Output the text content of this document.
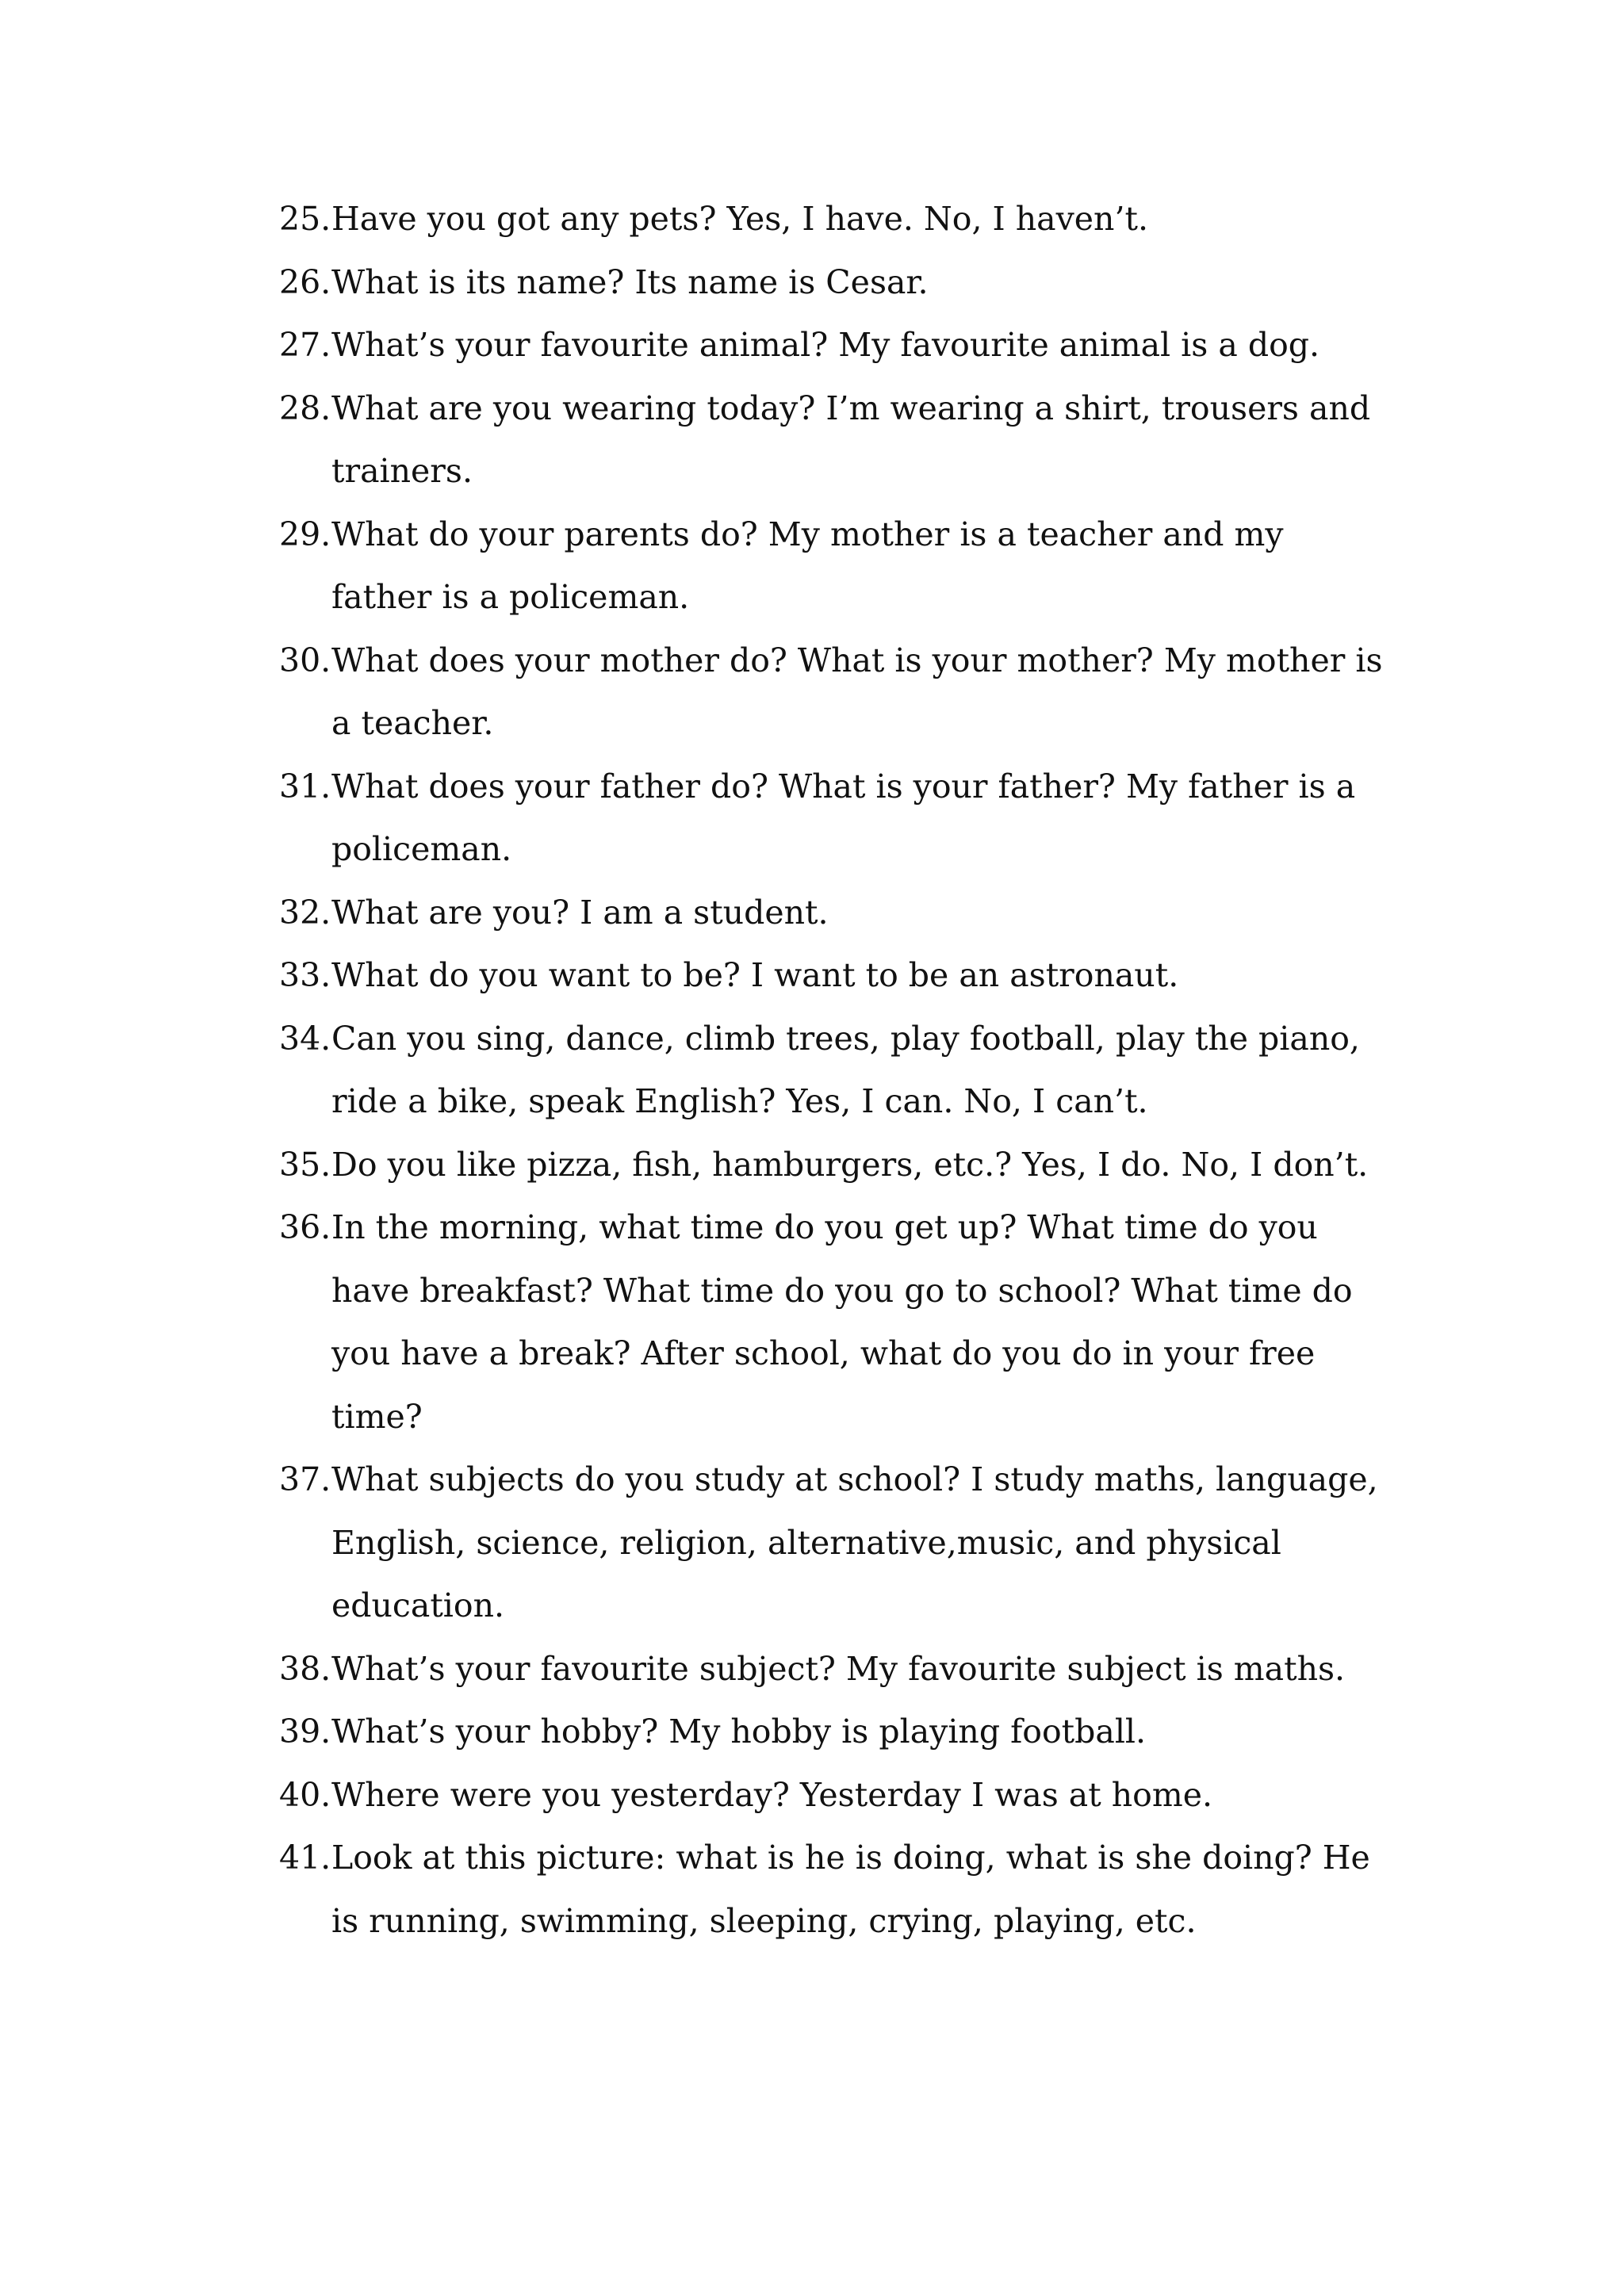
25. Have you got any pets? Yes, I have. No, I haven’t.
26. What is its name? Its name is Cesar.
27. What’s your favourite animal? My favourite animal is a dog.
28. What are you wearing today? I’m wearing a shirt, trousers and trainers.
29. What do your parents do? My mother is a teacher and my father is a policeman.
30. What does your mother do? What is your mother? My mother is a teacher.
31. What does your father do? What is your father? My father is a policeman.
32. What are you? I am a student.
33. What do you want to be? I want to be an astronaut.
34. Can you sing, dance, climb trees, play football, play the piano, ride a bike, speak English? Yes, I can. No, I can’t.
35. Do you like pizza, fish, hamburgers, etc.? Yes, I do. No, I don’t.
36. In the morning, what time do you get up? What time do you have breakfast? What time do you go to school? What time do you have a break? After school, what do you do in your free time?
37. What subjects do you study at school? I study maths, language, English, science, religion, alternative,music, and physical education.
38. What’s your favourite subject? My favourite subject is maths.
39. What’s your hobby? My hobby is playing football.
40. Where were you yesterday? Yesterday I was at home.
41. Look at this picture: what is he is doing, what is she doing? He is running, swimming, sleeping, crying, playing, etc.
